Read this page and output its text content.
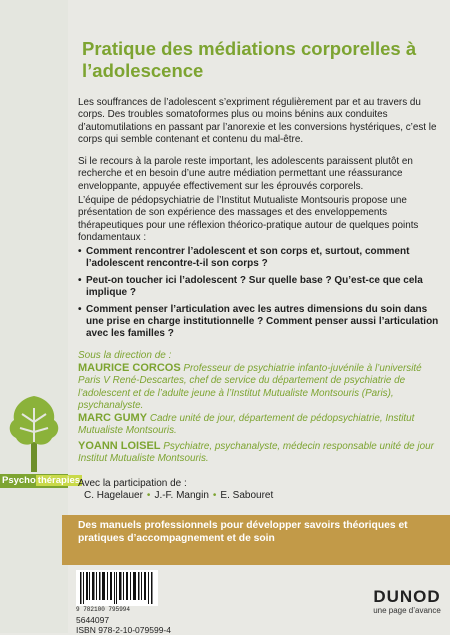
Psycho thérapies
Pratique des médiations corporelles à l’adolescence

Les souffrances de l’adolescent s’expriment régulièrement par et au travers du corps. Des troubles somatoformes plus ou moins bénins aux conduites d’automutilations en passant par l’anorexie et les conversions hystériques, c’est le corps qui semble contenant et contenu du mal-être.

Si le recours à la parole reste important, les adolescents paraissent plutôt en recherche et en besoin d’une autre médiation permettant une réassurance enveloppante, appuyée effectivement sur les éprouvés corporels.

L’équipe de pédopsychiatrie de l’Institut Mutualiste Montsouris propose une présentation de son expérience des massages et des enveloppements thérapeutiques pour une réflexion théorico-pratique autour de quelques points fondamentaux :

• Comment rencontrer l’adolescent et son corps et, surtout, comment l’adolescent rencontre-t-il son corps ?
• Peut-on toucher ici l’adolescent ? Sur quelle base ? Qu’est-ce que cela implique ?
• Comment penser l’articulation avec les autres dimensions du soin dans une prise en charge institutionnelle ? Comment penser aussi l’articulation avec les familles ?

Sous la direction de :

MAURICE CORCOS Professeur de psychiatrie infanto-juvénile à l’université Paris V René-Descartes, chef de service du département de psychiatrie de l’adolescent et de l’adulte jeune à l’Institut Mutualiste Montsouris (Paris), psychanalyste.

MARC GUMY Cadre unité de jour, département de pédopsychiatrie, Institut Mutualiste Montsouris.

YOANN LOISEL Psychiatre, psychanalyste, médecin responsable unité de jour Institut Mutualiste Montsouris.

Avec la participation de :

C. Hagelauer • J.-F. Mangin • E. Sabouret

Des manuels professionnels pour développer savoirs théoriques et pratiques d’accompagnement et de soin

9 782100 795994

5644097
ISBN 978-2-10-079599-4

DUNOD

une page d’avance
